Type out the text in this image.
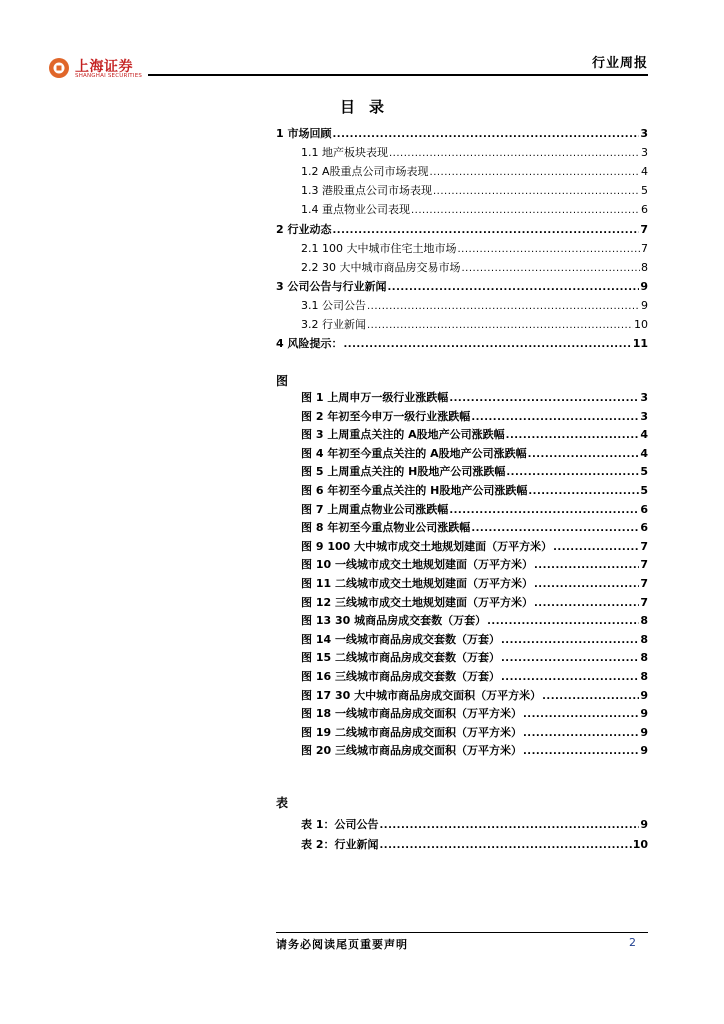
上海证券
SHANGHAI SECURITIES
行业周报
目录
1 市场回顾 .....	3
1.1 地产板块表现 .....	3
1.2 A股重点公司市场表现 .....	4
1.3 港股重点公司市场表现 .....	5
1.4 重点物业公司表现 .....	6
2 行业动态 .....	7
2.1 100 大中城市住宅土地市场 .....	7
2.2 30 大中城市商品房交易市场 .....	8
3 公司公告与行业新闻 .....	9
3.1 公司公告 .....	9
3.2 行业新闻 .....	10
4 风险提示： .....	11
图
图 1 上周申万一级行业涨跌幅 .....	3
图 2 年初至今申万一级行业涨跌幅 .....	3
图 3 上周重点关注的 A股地产公司涨跌幅 .....	4
图 4 年初至今重点关注的 A股地产公司涨跌幅 .....	4
图 5 上周重点关注的 H股地产公司涨跌幅 .....	5
图 6 年初至今重点关注的 H股地产公司涨跌幅 .....	5
图 7 上周重点物业公司涨跌幅 .....	6
图 8 年初至今重点物业公司涨跌幅 .....	6
图 9 100 大中城市成交土地规划建面（万平方米） .....	7
图 10 一线城市成交土地规划建面（万平方米） .....	7
图 11 二线城市成交土地规划建面（万平方米） .....	7
图 12 三线城市成交土地规划建面（万平方米） .....	7
图 13 30 城商品房成交套数（万套） .....	8
图 14 一线城市商品房成交套数（万套） .....	8
图 15 二线城市商品房成交套数（万套） .....	8
图 16 三线城市商品房成交套数（万套） .....	8
图 17 30 大中城市商品房成交面积（万平方米） .....	9
图 18 一线城市商品房成交面积（万平方米） .....	9
图 19 二线城市商品房成交面积（万平方米） .....	9
图 20 三线城市商品房成交面积（万平方米） .....	9
表
表 1：公司公告 .....	9
表 2：行业新闻 .....	10
请务必阅读尾页重要声明	2
